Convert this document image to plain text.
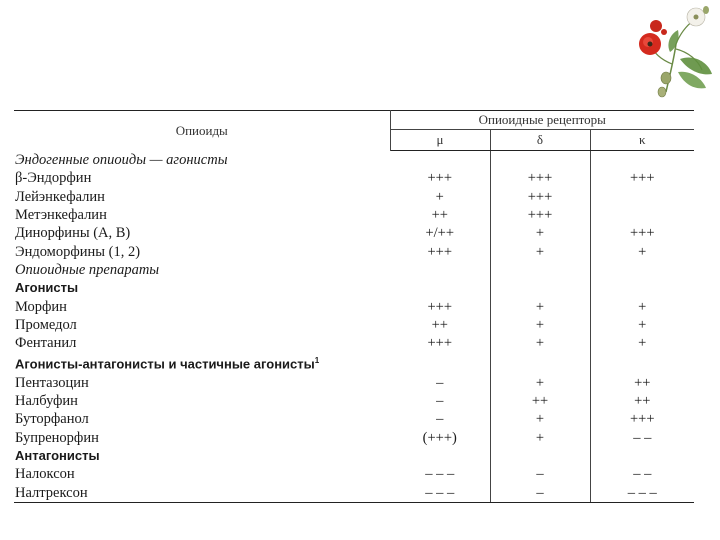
Опиоиды	Опиоидные рецепторы		
	μ	δ	κ
Эндогенные опиоиды — агонисты			
β-Эндорфин	+++	+++	+++
Лейэнкефалин	+	+++	
Метэнкефалин	++	+++	
Динорфины (А, В)	+/++	+	+++
Эндоморфины (1, 2)	+++	+	+
Опиоидные препараты			
Агонисты			
Морфин	+++	+	+
Промедол	++	+	+
Фентанил	+++	+	+
Агонисты-антагонисты и частичные агонисты$^1$			
Пентазоцин	–	+	++
Налбуфин	–	++	++
Буторфанол	–	+	+++
Бупренорфин	(+++)	+	– –
Антагонисты			
Налоксон	– – –	–	– –
Налтрексон	– – –	–	– – –
